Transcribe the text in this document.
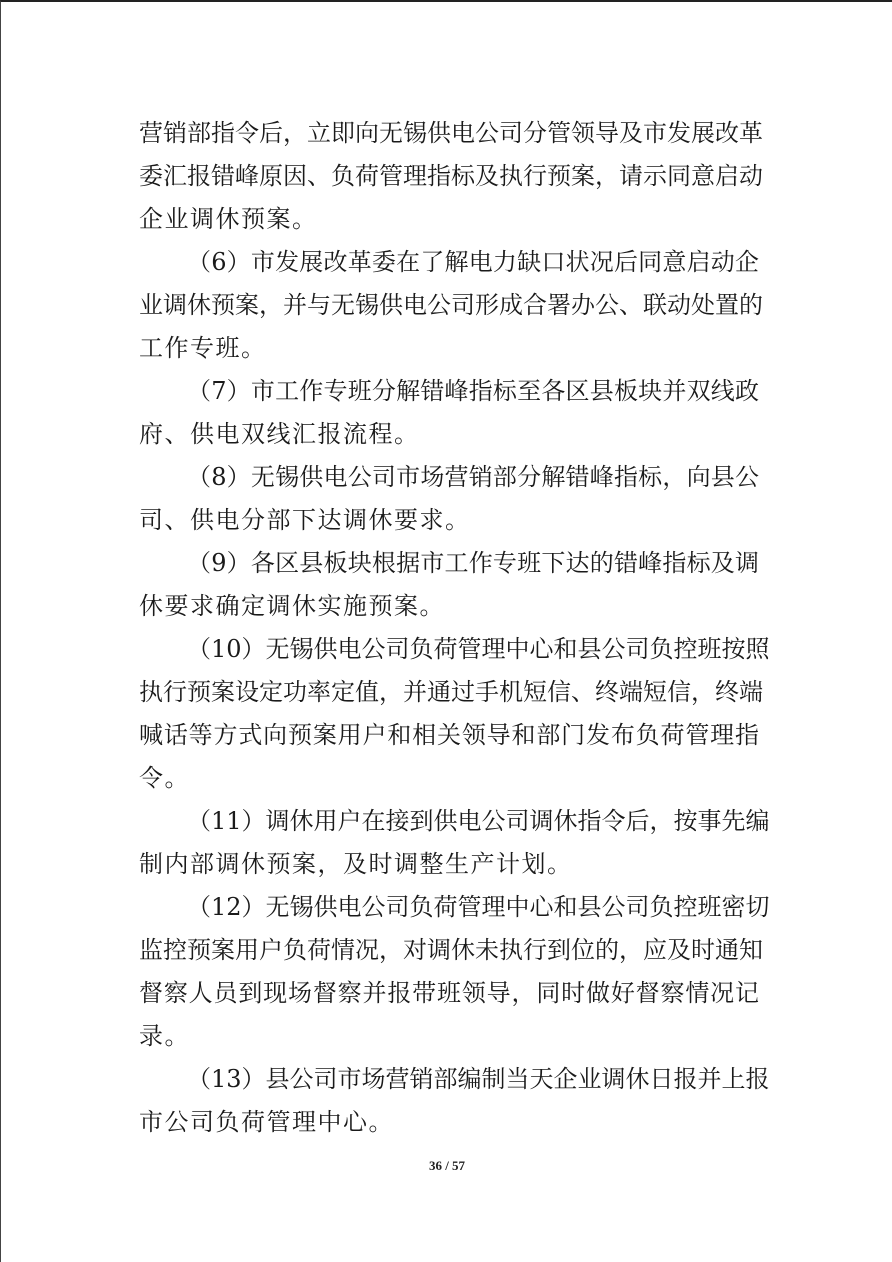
营销部指令后，立即向无锡供电公司分管领导及市发展改革
委汇报错峰原因、负荷管理指标及执行预案，请示同意启动
企业调休预案。
（6）市发展改革委在了解电力缺口状况后同意启动企
业调休预案，并与无锡供电公司形成合署办公、联动处置的
工作专班。
（7）市工作专班分解错峰指标至各区县板块并双线政
府、供电双线汇报流程。
（8）无锡供电公司市场营销部分解错峰指标，向县公
司、供电分部下达调休要求。
（9）各区县板块根据市工作专班下达的错峰指标及调
休要求确定调休实施预案。
（10）无锡供电公司负荷管理中心和县公司负控班按照
执行预案设定功率定值，并通过手机短信、终端短信，终端
喊话等方式向预案用户和相关领导和部门发布负荷管理指
令。
（11）调休用户在接到供电公司调休指令后，按事先编
制内部调休预案，及时调整生产计划。
（12）无锡供电公司负荷管理中心和县公司负控班密切
监控预案用户负荷情况，对调休未执行到位的，应及时通知
督察人员到现场督察并报带班领导，同时做好督察情况记
录。
（13）县公司市场营销部编制当天企业调休日报并上报
市公司负荷管理中心。
36 / 57
